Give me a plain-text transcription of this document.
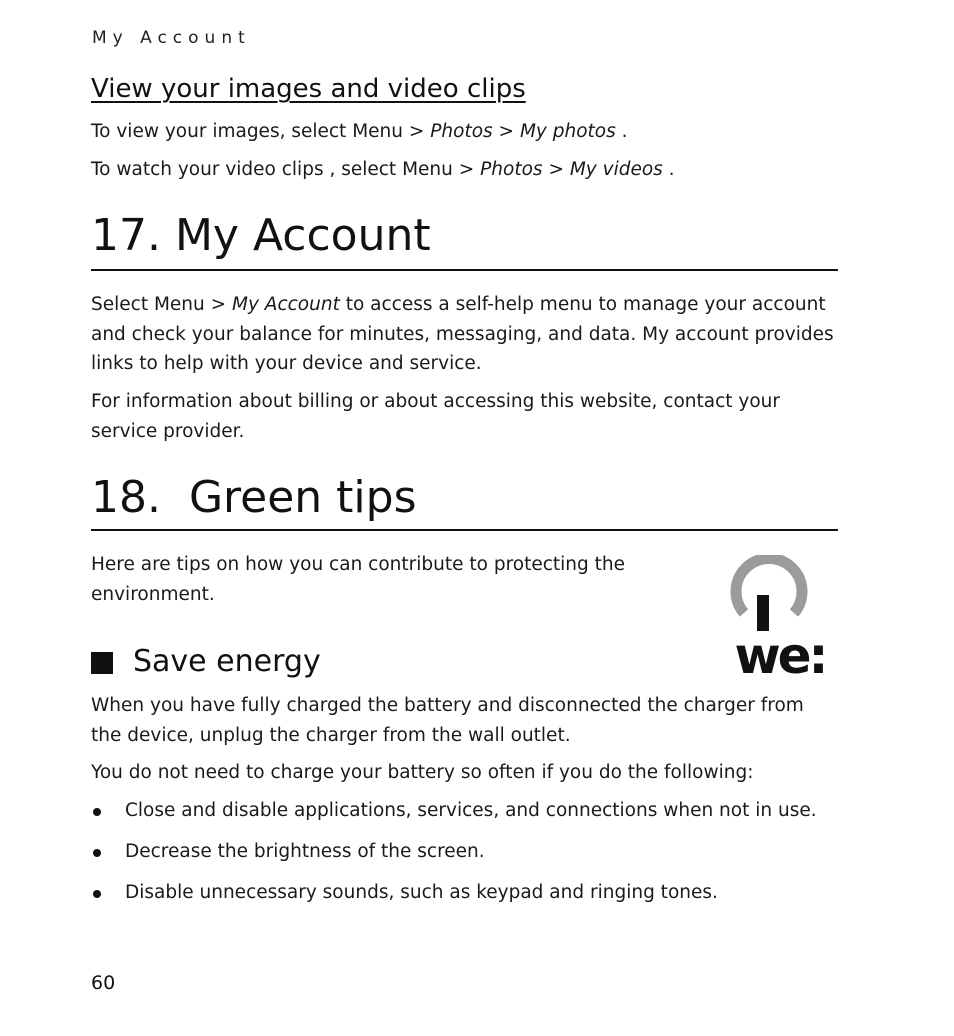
My Account
View your images and video clips
To view your images, select Menu > Photos > My photos .
To watch your video clips , select Menu > Photos > My videos .
17. My Account
Select Menu > My Account to access a self-help menu to manage your account and check your balance for minutes, messaging, and data. My account provides links to help with your device and service.
For information about billing or about accessing this website, contact your service provider.
18.  Green tips
Here are tips on how you can contribute to protecting the environment.
we:
Save energy
When you have fully charged the battery and disconnected the charger from the device, unplug the charger from the wall outlet.
You do not need to charge your battery so often if you do the following:
Close and disable applications, services, and connections when not in use.
Decrease the brightness of the screen.
Disable unnecessary sounds, such as keypad and ringing tones.
60
